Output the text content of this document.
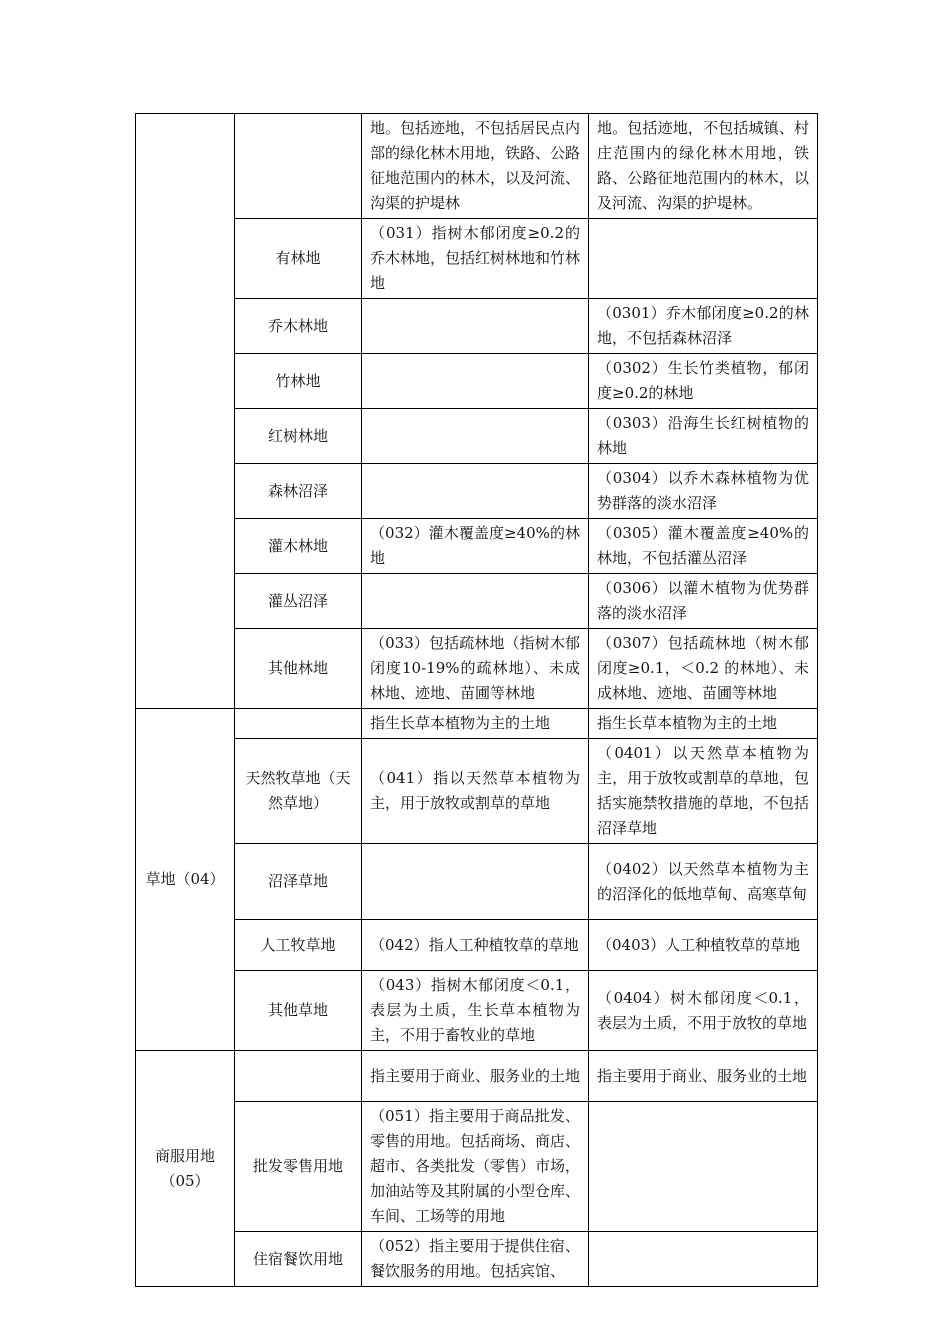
		地。包括迹地，不包括居民点内部的绿化林木用地，铁路、公路征地范围内的林木，以及河流、沟渠的护堤林	地。包括迹地，不包括城镇、村庄范围内的绿化林木用地，铁路、公路征地范围内的林木，以及河流、沟渠的护堤林。
	有林地	（031）指树木郁闭度≥0.2的乔木林地，包括红树林地和竹林地	
	乔木林地		（0301）乔木郁闭度≥0.2的林地，不包括森林沼泽
	竹林地		（0302）生长竹类植物，郁闭度≥0.2的林地
	红树林地		（0303）沿海生长红树植物的林地
	森林沼泽		（0304）以乔木森林植物为优势群落的淡水沼泽
	灌木林地	（032）灌木覆盖度≥40%的林地	（0305）灌木覆盖度≥40%的林地，不包括灌丛沼泽
	灌丛沼泽		（0306）以灌木植物为优势群落的淡水沼泽
	其他林地	（033）包括疏林地（指树木郁闭度10-19%的疏林地）、未成林地、迹地、苗圃等林地	（0307）包括疏林地（树木郁闭度≥0.1，＜0.2 的林地）、未成林地、迹地、苗圃等林地
草地（04）		指生长草本植物为主的土地	指生长草本植物为主的土地
	天然牧草地（天然草地）	（041）指以天然草本植物为主，用于放牧或割草的草地	（0401）以天然草本植物为主，用于放牧或割草的草地，包括实施禁牧措施的草地，不包括沼泽草地
	沼泽草地		（0402）以天然草本植物为主的沼泽化的低地草甸、高寒草甸
	人工牧草地	（042）指人工种植牧草的草地	（0403）人工种植牧草的草地
	其他草地	（043）指树木郁闭度＜0.1，表层为土质，生长草本植物为主，不用于畜牧业的草地	（0404）树木郁闭度＜0.1，表层为土质，不用于放牧的草地
商服用地（05）		指主要用于商业、服务业的土地	指主要用于商业、服务业的土地
	批发零售用地	（051）指主要用于商品批发、零售的用地。包括商场、商店、超市、各类批发（零售）市场，加油站等及其附属的小型仓库、车间、工场等的用地	
	住宿餐饮用地	（052）指主要用于提供住宿、餐饮服务的用地。包括宾馆、	
